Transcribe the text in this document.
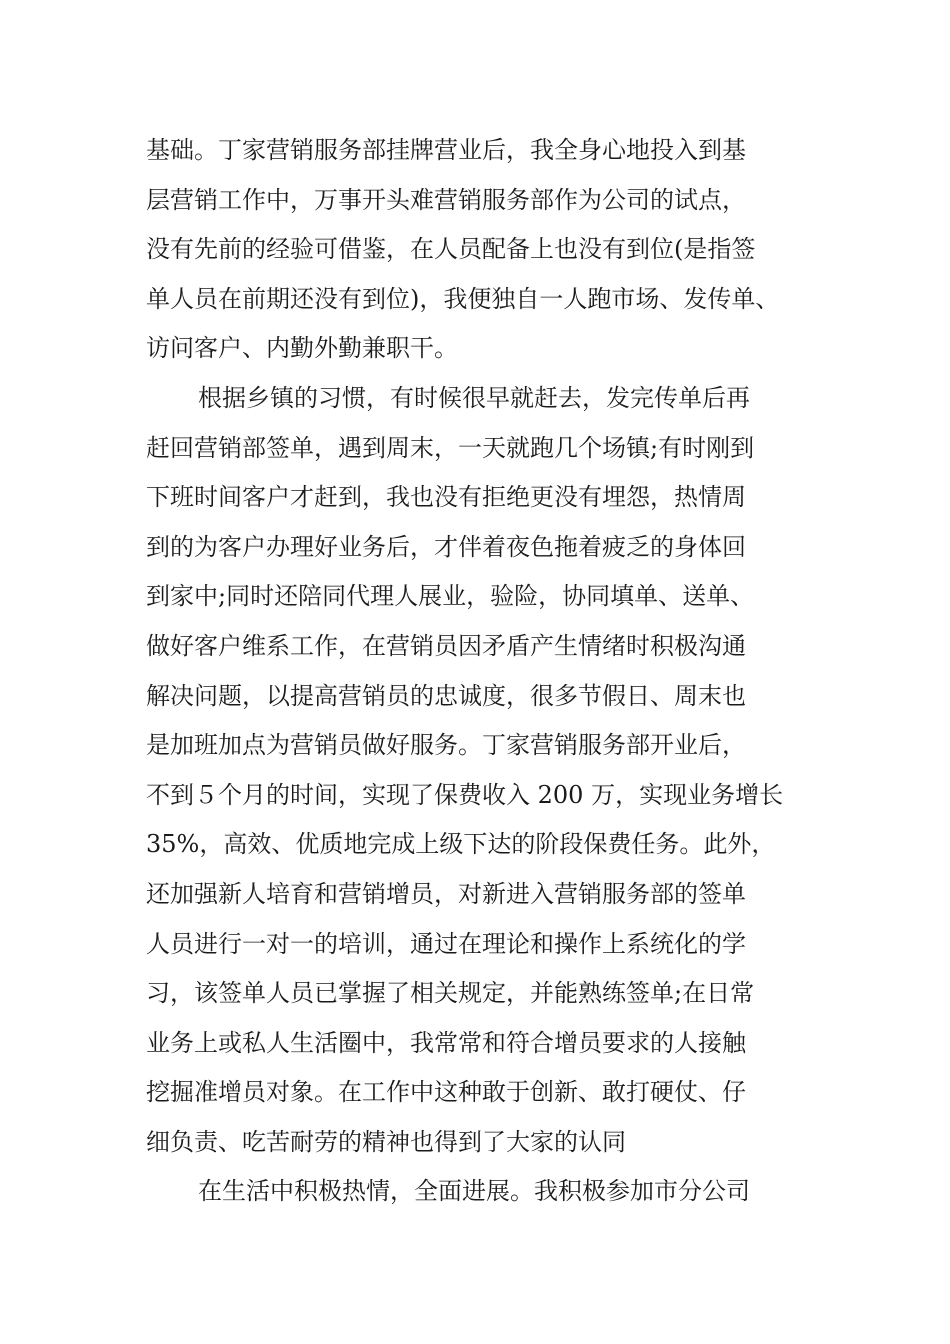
基础。丁家营销服务部挂牌营业后，我全身心地投入到基
层营销工作中，万事开头难营销服务部作为公司的试点，
没有先前的经验可借鉴，在人员配备上也没有到位(是指签
单人员在前期还没有到位)，我便独自一人跑市场、发传单、
访问客户、内勤外勤兼职干。
根据乡镇的习惯，有时候很早就赶去，发完传单后再
赶回营销部签单，遇到周末，一天就跑几个场镇;有时刚到
下班时间客户才赶到，我也没有拒绝更没有埋怨，热情周
到的为客户办理好业务后，才伴着夜色拖着疲乏的身体回
到家中;同时还陪同代理人展业，验险，协同填单、送单、
做好客户维系工作，在营销员因矛盾产生情绪时积极沟通
解决问题，以提高营销员的忠诚度，很多节假日、周末也
是加班加点为营销员做好服务。丁家营销服务部开业后，
不到５个月的时间，实现了保费收入 200 万，实现业务增长
35%，高效、优质地完成上级下达的阶段保费任务。此外，
还加强新人培育和营销增员，对新进入营销服务部的签单
人员进行一对一的培训，通过在理论和操作上系统化的学
习，该签单人员已掌握了相关规定，并能熟练签单;在日常
业务上或私人生活圈中，我常常和符合增员要求的人接触
挖掘准增员对象。在工作中这种敢于创新、敢打硬仗、仔
细负责、吃苦耐劳的精神也得到了大家的认同
在生活中积极热情，全面进展。我积极参加市分公司
